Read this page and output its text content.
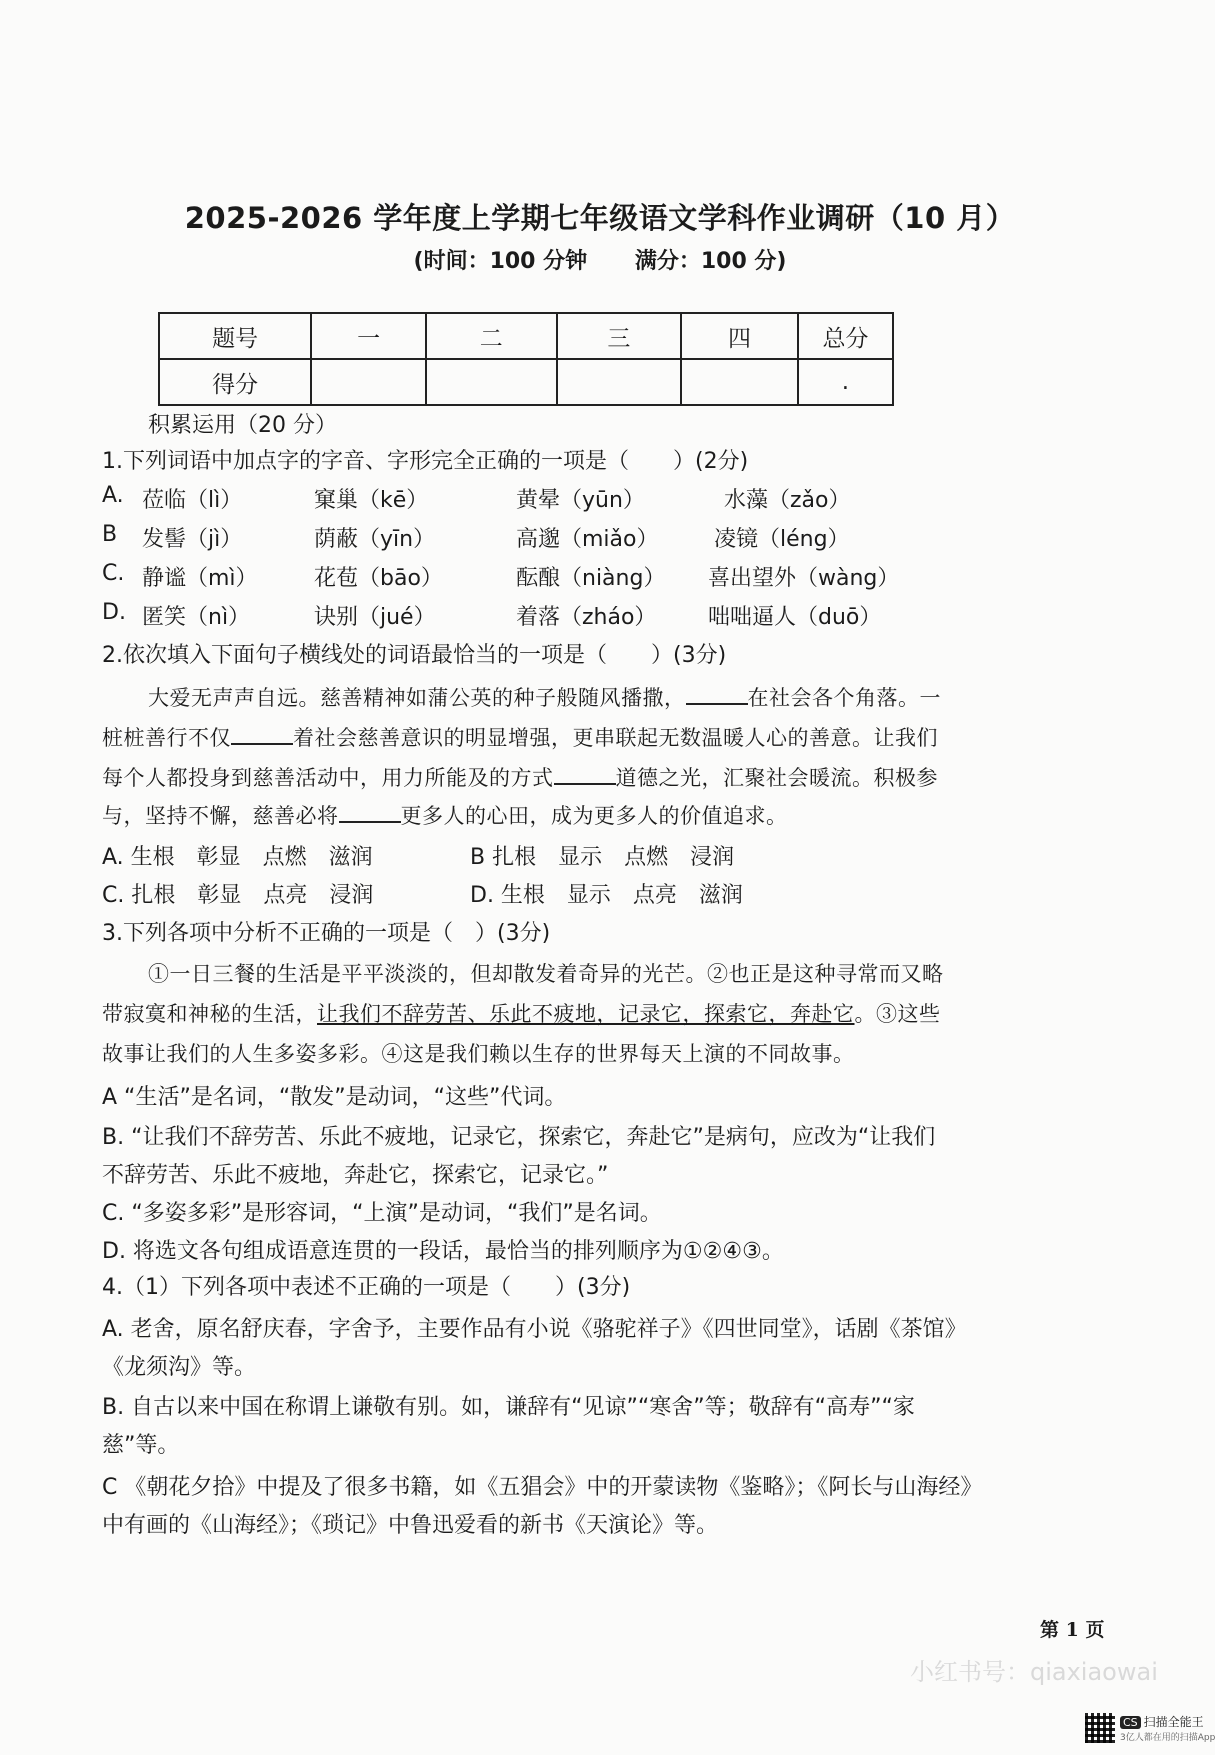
2025-2026 学年度上学期七年级语文学科作业调研（10 月）
(时间：100 分钟 满分：100 分)
题号	一	二	三	四	总分
得分					.
积累运用（20 分）
1.下列词语中加点字的字音、字形完全正确的一项是（　　）(2分)
A. 莅临（lì）	窠巢（kē）	黄晕（yūn）	水藻（zǎo）
B 发髻（jì）	荫蔽（yīn）	高邈（miǎo）	凌镜（léng）
C. 静谧（mì）	花苞（bāo）	酝酿（niàng） 喜出望外（wàng）
D. 匿笑（nì）	诀别（jué）	着落（zháo） 咄咄逼人（duō）
2.依次填入下面句子横线处的词语最恰当的一项是（　　）(3分)
大爱无声声自远。慈善精神如蒲公英的种子般随风播撒，	在社会各个角落。一
桩桩善行不仅	着社会慈善意识的明显增强，更串联起无数温暖人心的善意。让我们
每个人都投身到慈善活动中，用力所能及的方式	道德之光，汇聚社会暖流。积极参
与，坚持不懈，慈善必将	更多人的心田，成为更多人的价值追求。
A. 生根　彰显　点燃　滋润	B 扎根　显示　点燃　浸润
C. 扎根　彰显　点亮　浸润	D. 生根　显示　点亮　滋润
3.下列各项中分析不正确的一项是（　）(3分)
①一日三餐的生活是平平淡淡的，但却散发着奇异的光芒。②也正是这种寻常而又略
带寂寞和神秘的生活，让我们不辞劳苦、乐此不疲地，记录它，探索它，奔赴它。③这些
故事让我们的人生多姿多彩。④这是我们赖以生存的世界每天上演的不同故事。
A “生活”是名词，“散发”是动词，“这些”代词。
B. “让我们不辞劳苦、乐此不疲地，记录它，探索它，奔赴它”是病句，应改为“让我们
不辞劳苦、乐此不疲地，奔赴它，探索它，记录它。”
C. “多姿多彩”是形容词，“上演”是动词，“我们”是名词。
D. 将选文各句组成语意连贯的一段话，最恰当的排列顺序为①②④③。
4.（1）下列各项中表述不正确的一项是（　　）(3分)
A. 老舍，原名舒庆春，字舍予，主要作品有小说《骆驼祥子》《四世同堂》，话剧《茶馆》
《龙须沟》等。
B. 自古以来中国在称谓上谦敬有别。如，谦辞有“见谅”“寒舍”等；敬辞有“高寿”“家
慈”等。
C 《朝花夕拾》中提及了很多书籍，如《五猖会》中的开蒙读物《鉴略》；《阿长与山海经》
中有画的《山海经》；《琐记》中鲁迅爱看的新书《天演论》等。
第 1 页
小红书号：qiaxiaowai
CS 扫描全能王
3亿人都在用的扫描App
